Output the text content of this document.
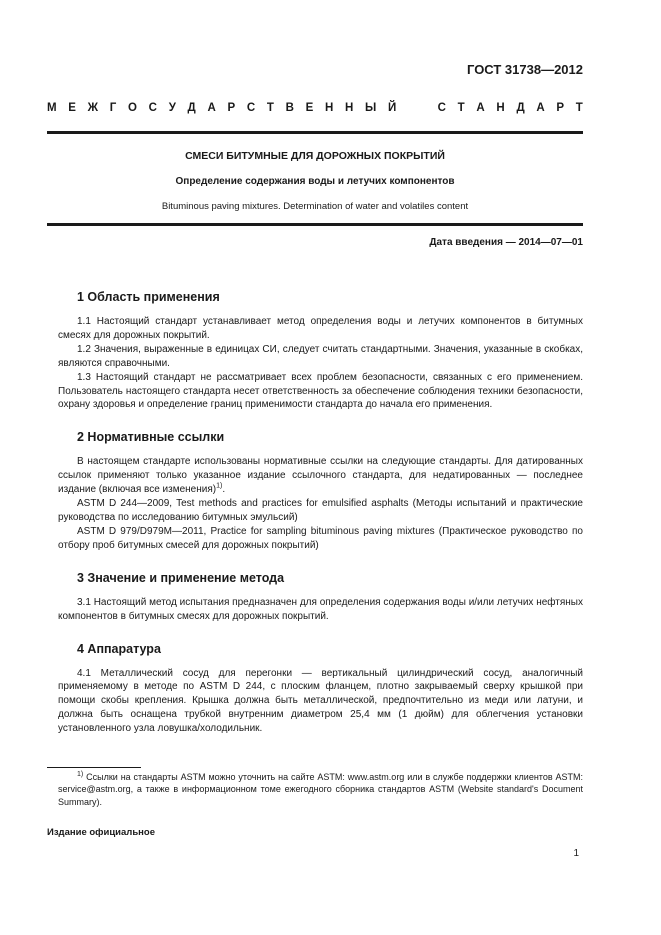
ГОСТ 31738—2012
М Е Ж Г О С У Д А Р С Т В Е Н Н Ы Й	С Т А Н Д А Р Т
СМЕСИ БИТУМНЫЕ ДЛЯ ДОРОЖНЫХ ПОКРЫТИЙ
Определение содержания воды и летучих компонентов
Bituminous paving mixtures. Determination of water and volatiles content
Дата введения — 2014—07—01
1 Область применения

1.1 Настоящий стандарт устанавливает метод определения воды и летучих компонентов в битумных смесях для дорожных покрытий.

1.2 Значения, выраженные в единицах СИ, следует считать стандартными. Значения, указанные в скобках, являются справочными.

1.3 Настоящий стандарт не рассматривает всех проблем безопасности, связанных с его применением. Пользователь настоящего стандарта несет ответственность за обеспечение соблюдения техники безопасности, охрану здоровья и определение границ применимости стандарта до начала его применения.

2 Нормативные ссылки

В настоящем стандарте использованы нормативные ссылки на следующие стандарты. Для датированных ссылок применяют только указанное издание ссылочного стандарта, для недатированных — последнее издание (включая все изменения)$^{1)}$.

ASTM D 244—2009, Test methods and practices for emulsified asphalts (Методы испытаний и практические руководства по исследованию битумных эмульсий)

ASTM D 979/D979M—2011, Practice for sampling bituminous paving mixtures (Практическое руководство по отбору проб битумных смесей для дорожных покрытий)

3 Значение и применение метода

3.1 Настоящий метод испытания предназначен для определения содержания воды и/или летучих нефтяных компонентов в битумных смесях для дорожных покрытий.

4 Аппаратура

4.1 Металлический сосуд для перегонки — вертикальный цилиндрический сосуд, аналогичный применяемому в методе по ASTM D 244, с плоским фланцем, плотно закрываемый сверху крышкой при помощи скобы крепления. Крышка должна быть металлической, предпочтительно из меди или латуни, и должна быть оснащена трубкой внутренним диаметром 25,4 мм (1 дюйм) для облегчения установки установленного узла ловушка/холодильник.

$^{1)}$ Ссылки на стандарты ASTM можно уточнить на сайте ASTM: www.astm.org или в службе поддержки клиентов ASTM: service@astm.org, а также в информационном томе ежегодного сборника стандартов ASTM (Website standard's Document Summary).

Издание официальное
1
